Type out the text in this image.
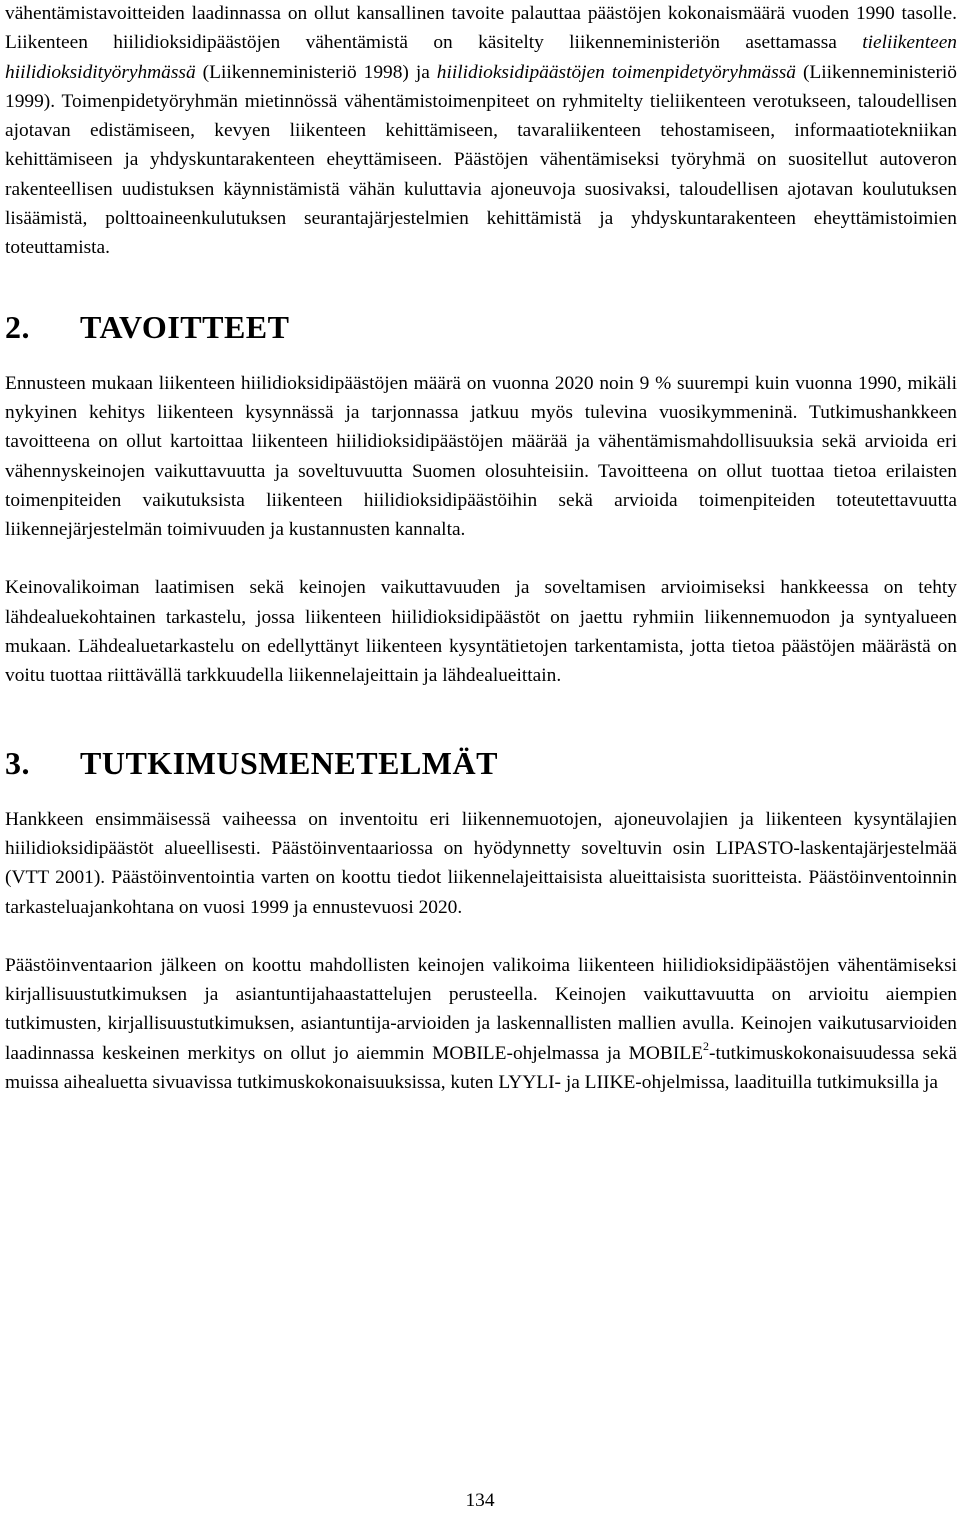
vähentämistavoitteiden laadinnassa on ollut kansallinen tavoite palauttaa päästöjen kokonaismäärä vuoden 1990 tasolle. Liikenteen hiilidioksidipäästöjen vähentämistä on käsitelty liikenneministeriön asettamassa tieliikenteen hiilidioksidityöryhmässä (Liikenneministeriö 1998) ja hiilidioksidipäästöjen toimenpidetyöryhmässä (Liikenneministeriö 1999). Toimenpidetyöryhmän mietinnössä vähentämistoimenpiteet on ryhmitelty tieliikenteen verotukseen, taloudellisen ajotavan edistämiseen, kevyen liikenteen kehittämiseen, tavaraliikenteen tehostamiseen, informaatiotekniikan kehittämiseen ja yhdyskuntarakenteen eheyttämiseen. Päästöjen vähentämiseksi työryhmä on suositellut autoveron rakenteellisen uudistuksen käynnistämistä vähän kuluttavia ajoneuvoja suosivaksi, taloudellisen ajotavan koulutuksen lisäämistä, polttoaineenkulutuksen seurantajärjestelmien kehittämistä ja yhdyskuntarakenteen eheyttämistoimien toteuttamista.

2. TAVOITTEET

Ennusteen mukaan liikenteen hiilidioksidipäästöjen määrä on vuonna 2020 noin 9 % suurempi kuin vuonna 1990, mikäli nykyinen kehitys liikenteen kysynnässä ja tarjonnassa jatkuu myös tulevina vuosikymmeninä. Tutkimushankkeen tavoitteena on ollut kartoittaa liikenteen hiilidioksidipäästöjen määrää ja vähentämismahdollisuuksia sekä arvioida eri vähennyskeinojen vaikuttavuutta ja soveltuvuutta Suomen olosuhteisiin. Tavoitteena on ollut tuottaa tietoa erilaisten toimenpiteiden vaikutuksista liikenteen hiilidioksidipäästöihin sekä arvioida toimenpiteiden toteutettavuutta liikennejärjestelmän toimivuuden ja kustannusten kannalta.

Keinovalikoiman laatimisen sekä keinojen vaikuttavuuden ja soveltamisen arvioimiseksi hankkeessa on tehty lähdealuekohtainen tarkastelu, jossa liikenteen hiilidioksidipäästöt on jaettu ryhmiin liikennemuodon ja syntyalueen mukaan. Lähdealuetarkastelu on edellyttänyt liikenteen kysyntätietojen tarkentamista, jotta tietoa päästöjen määrästä on voitu tuottaa riittävällä tarkkuudella liikennelajeittain ja lähdealueittain.

3. TUTKIMUSMENETELMÄT

Hankkeen ensimmäisessä vaiheessa on inventoitu eri liikennemuotojen, ajoneuvolajien ja liikenteen kysyntälajien hiilidioksidipäästöt alueellisesti. Päästöinventaariossa on hyödynnetty soveltuvin osin LIPASTO-laskentajärjestelmää (VTT 2001). Päästöinventointia varten on koottu tiedot liikennelajeittaisista alueittaisista suoritteista. Päästöinventoinnin tarkasteluajankohtana on vuosi 1999 ja ennustevuosi 2020.

Päästöinventaarion jälkeen on koottu mahdollisten keinojen valikoima liikenteen hiilidioksidipäästöjen vähentämiseksi kirjallisuustutkimuksen ja asiantuntijahaastattelujen perusteella. Keinojen vaikuttavuutta on arvioitu aiempien tutkimusten, kirjallisuustutkimuksen, asiantuntija-arvioiden ja laskennallisten mallien avulla. Keinojen vaikutusarvioiden laadinnassa keskeinen merkitys on ollut jo aiemmin MOBILE-ohjelmassa ja MOBILE$^2$-tutkimuskokonaisuudessa sekä muissa aihealuetta sivuavissa tutkimuskokonaisuuksissa, kuten LYYLI- ja LIIKE-ohjelmissa, laadituilla tutkimuksilla ja

134
